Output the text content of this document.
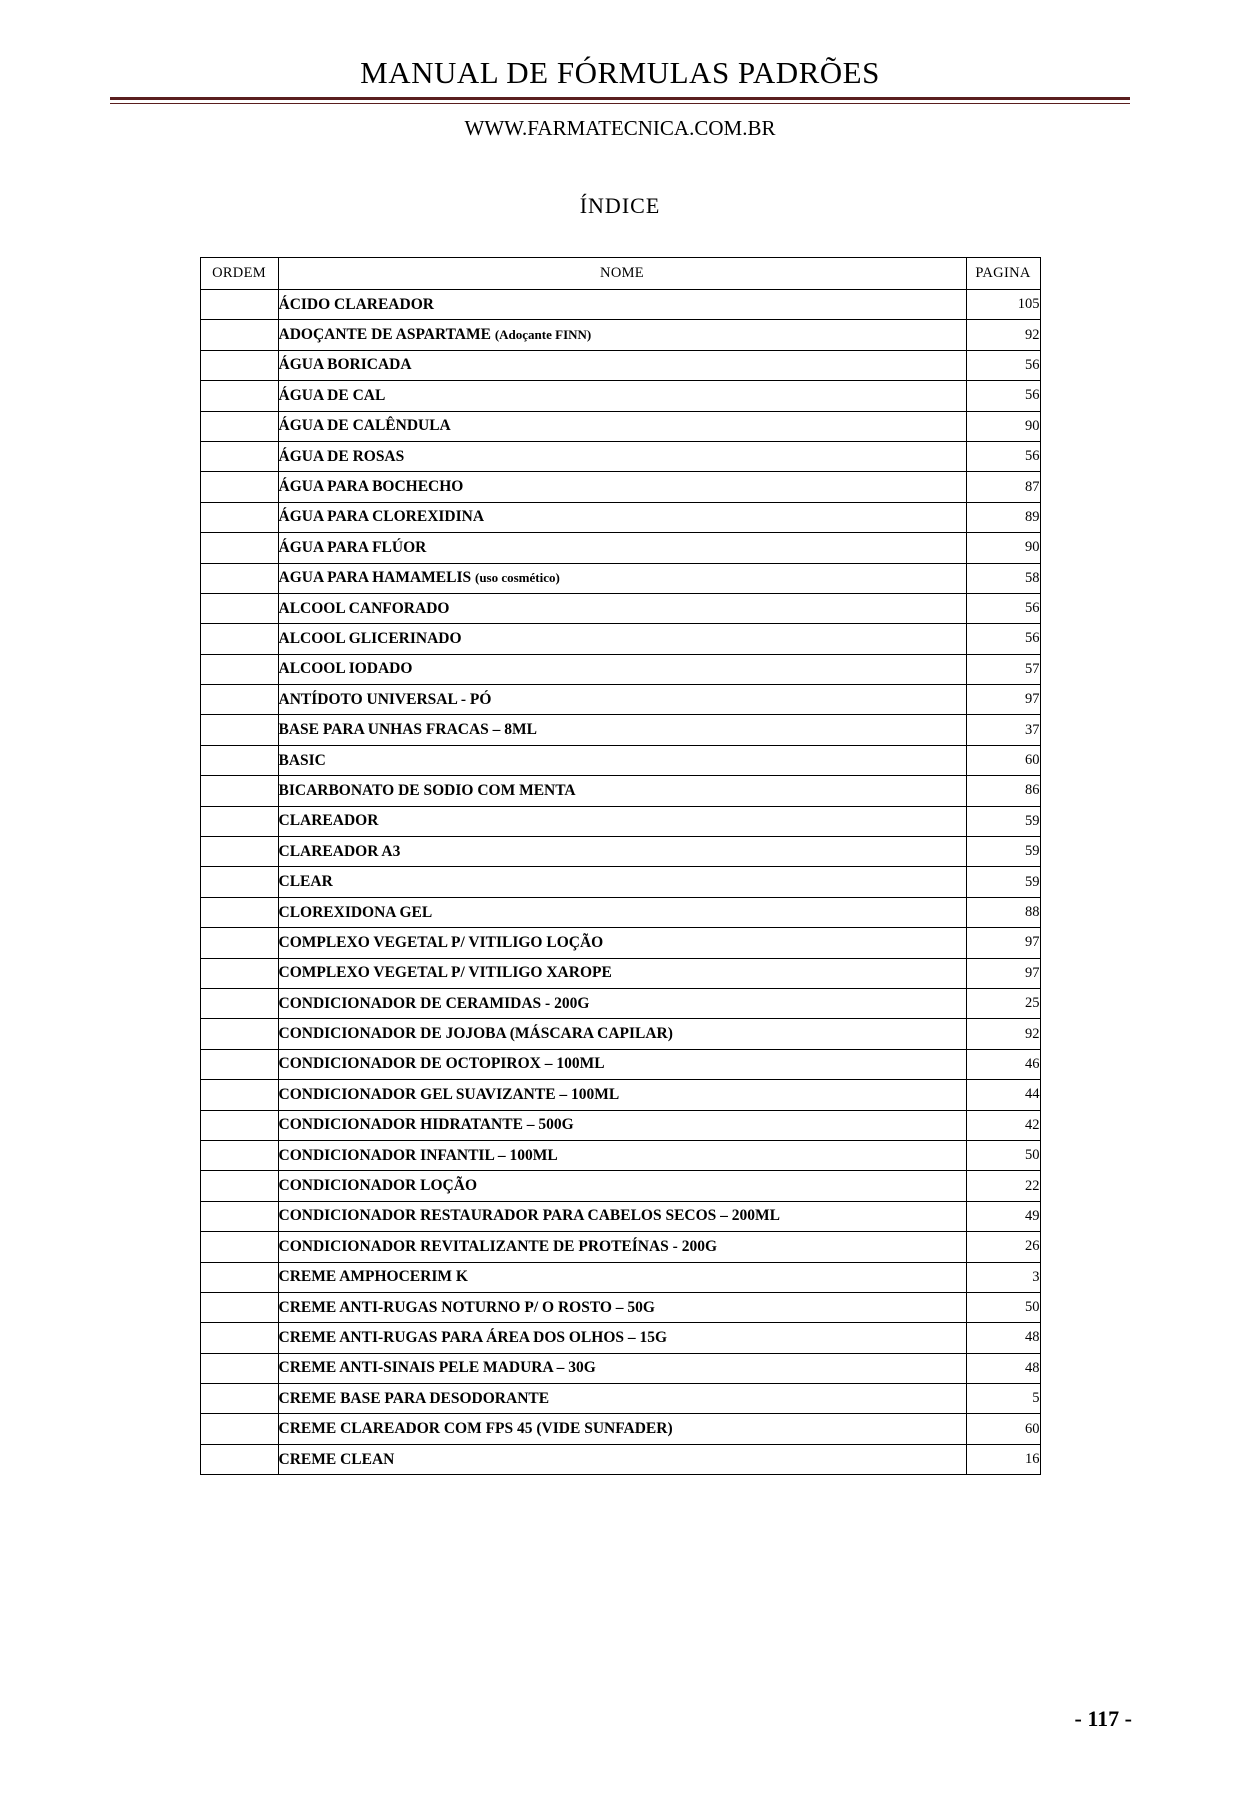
MANUAL DE FÓRMULAS PADRÕES
WWW.FARMATECNICA.COM.BR
ÍNDICE
ORDEM	NOME	PAGINA
	ÁCIDO CLAREADOR	105
	ADOÇANTE DE ASPARTAME (Adoçante FINN)	92
	ÁGUA BORICADA	56
	ÁGUA DE CAL	56
	ÁGUA DE CALÊNDULA	90
	ÁGUA DE ROSAS	56
	ÁGUA PARA BOCHECHO	87
	ÁGUA PARA CLOREXIDINA	89
	ÁGUA PARA FLÚOR	90
	AGUA PARA HAMAMELIS (uso cosmético)	58
	ALCOOL CANFORADO	56
	ALCOOL GLICERINADO	56
	ALCOOL IODADO	57
	ANTÍDOTO UNIVERSAL - PÓ	97
	BASE PARA UNHAS FRACAS – 8ML	37
	BASIC	60
	BICARBONATO DE SODIO COM MENTA	86
	CLAREADOR	59
	CLAREADOR A3	59
	CLEAR	59
	CLOREXIDONA GEL	88
	COMPLEXO VEGETAL P/ VITILIGO LOÇÃO	97
	COMPLEXO VEGETAL P/ VITILIGO XAROPE	97
	CONDICIONADOR DE CERAMIDAS - 200G	25
	CONDICIONADOR DE JOJOBA (MÁSCARA CAPILAR)	92
	CONDICIONADOR DE OCTOPIROX – 100ML	46
	CONDICIONADOR GEL SUAVIZANTE – 100ML	44
	CONDICIONADOR HIDRATANTE – 500G	42
	CONDICIONADOR INFANTIL – 100ML	50
	CONDICIONADOR LOÇÃO	22
	CONDICIONADOR RESTAURADOR PARA CABELOS SECOS – 200ML	49
	CONDICIONADOR REVITALIZANTE DE PROTEÍNAS - 200G	26
	CREME AMPHOCERIM K	3
	CREME ANTI-RUGAS NOTURNO P/ O ROSTO – 50G	50
	CREME ANTI-RUGAS PARA ÁREA DOS OLHOS – 15G	48
	CREME ANTI-SINAIS PELE MADURA – 30G	48
	CREME BASE PARA DESODORANTE	5
	CREME CLAREADOR COM FPS 45 (VIDE SUNFADER)	60
	CREME CLEAN	16
- 117 -
